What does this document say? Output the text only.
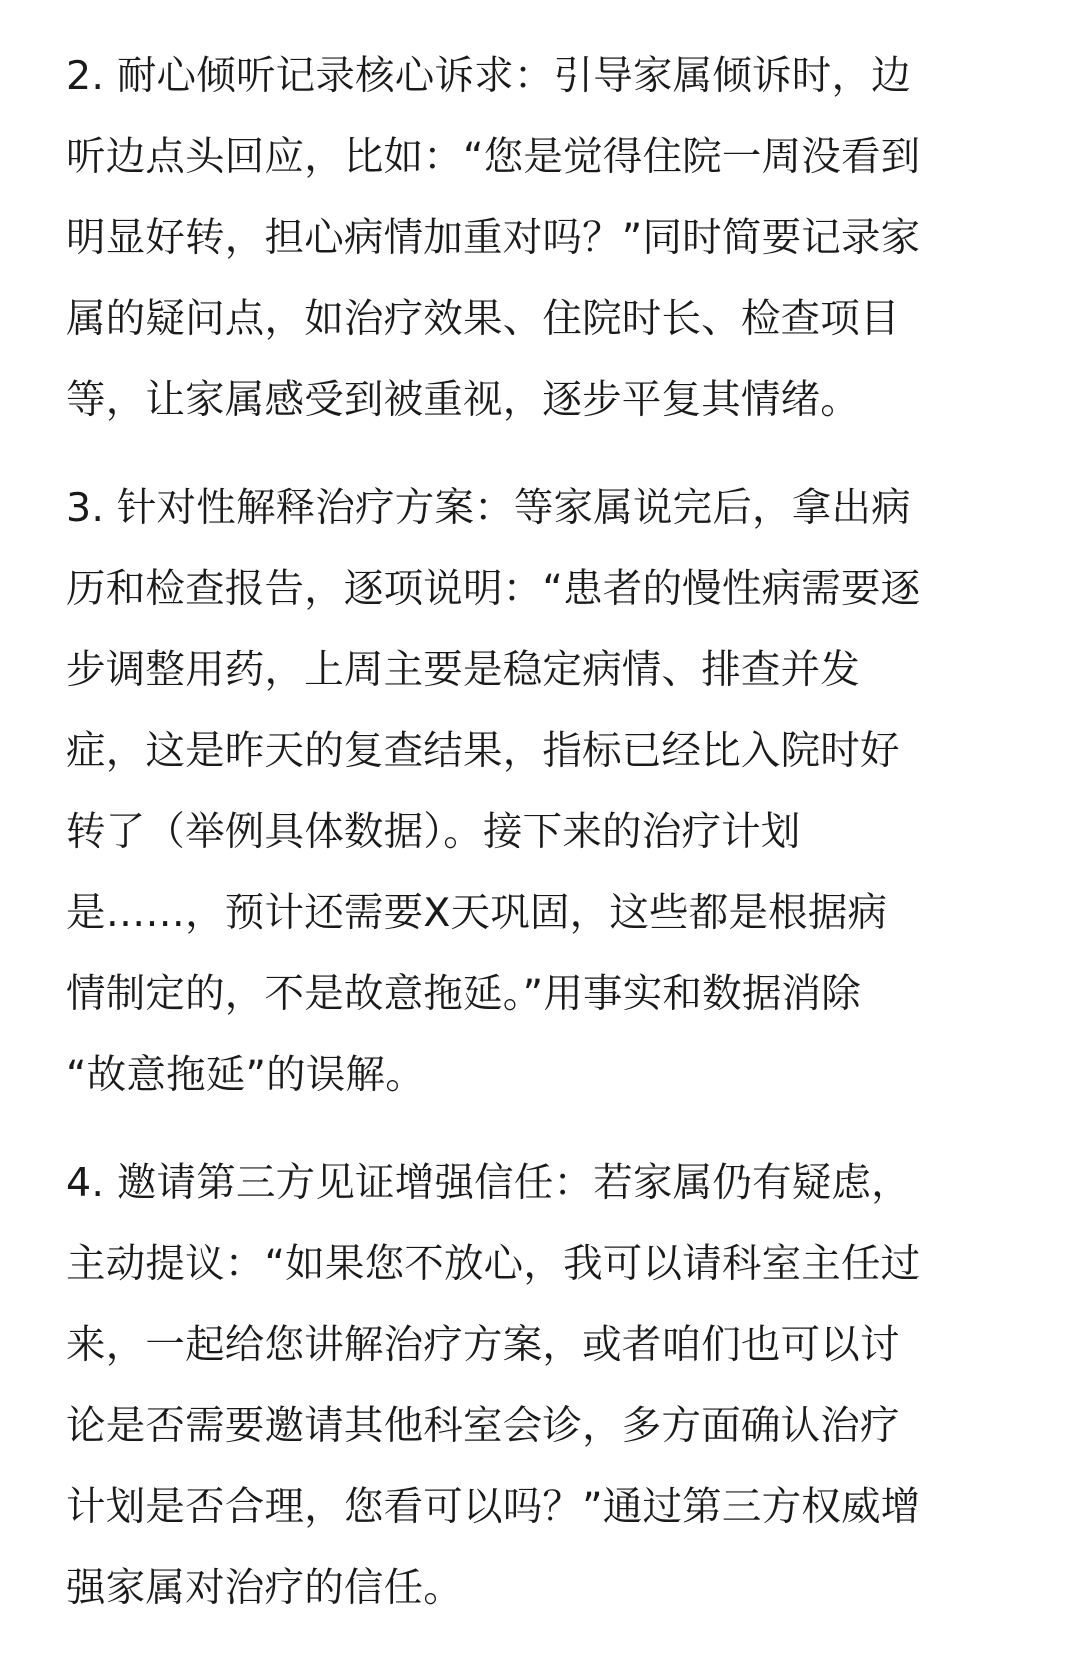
2. 耐心倾听记录核心诉求：引导家属倾诉时，边
听边点头回应，比如：“您是觉得住院一周没看到
明显好转，担心病情加重对吗？”同时简要记录家
属的疑问点，如治疗效果、住院时长、检查项目
等，让家属感受到被重视，逐步平复其情绪。

3. 针对性解释治疗方案：等家属说完后，拿出病
历和检查报告，逐项说明：“患者的慢性病需要逐
步调整用药，上周主要是稳定病情、排查并发
症，这是昨天的复查结果，指标已经比入院时好
转了（举例具体数据）。接下来的治疗计划
是……，预计还需要X天巩固，这些都是根据病
情制定的，不是故意拖延。”用事实和数据消除
“故意拖延”的误解。

4. 邀请第三方见证增强信任：若家属仍有疑虑，
主动提议：“如果您不放心，我可以请科室主任过
来，一起给您讲解治疗方案，或者咱们也可以讨
论是否需要邀请其他科室会诊，多方面确认治疗
计划是否合理，您看可以吗？”通过第三方权威增
强家属对治疗的信任。
